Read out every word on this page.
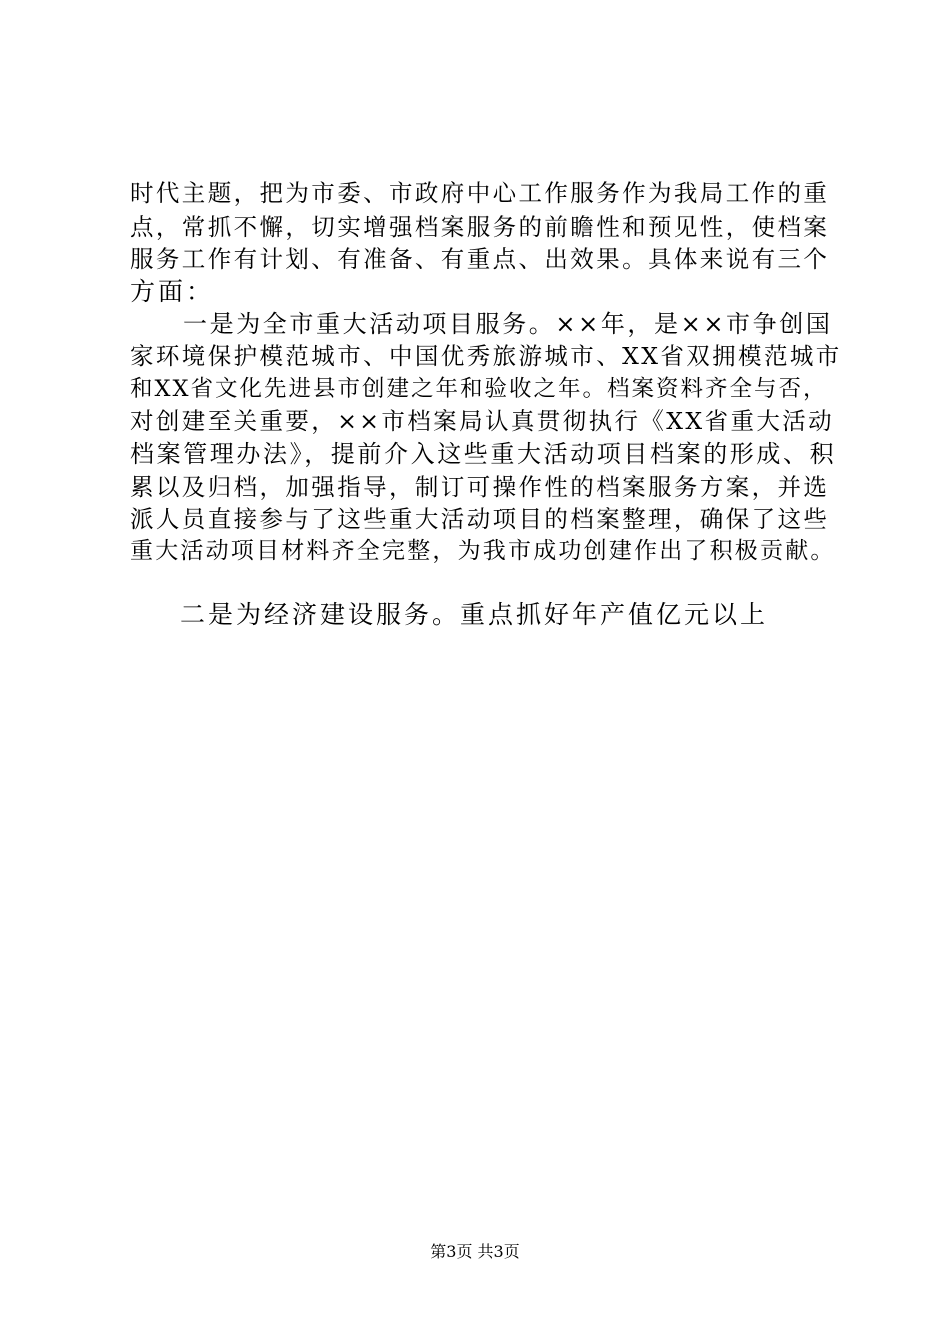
时代主题，把为市委、市政府中心工作服务作为我局工作的重
点，常抓不懈，切实增强档案服务的前瞻性和预见性，使档案
服务工作有计划、有准备、有重点、出效果。具体来说有三个
方面：
一是为全市重大活动项目服务。××年，是××市争创国
家环境保护模范城市、中国优秀旅游城市、XX省双拥模范城市
和XX省文化先进县市创建之年和验收之年。档案资料齐全与否，
对创建至关重要，××市档案局认真贯彻执行《XX省重大活动
档案管理办法》，提前介入这些重大活动项目档案的形成、积
累以及归档，加强指导，制订可操作性的档案服务方案，并选
派人员直接参与了这些重大活动项目的档案整理，确保了这些
重大活动项目材料齐全完整，为我市成功创建作出了积极贡献。
二是为经济建设服务。重点抓好年产值亿元以上
第3页 共3页
